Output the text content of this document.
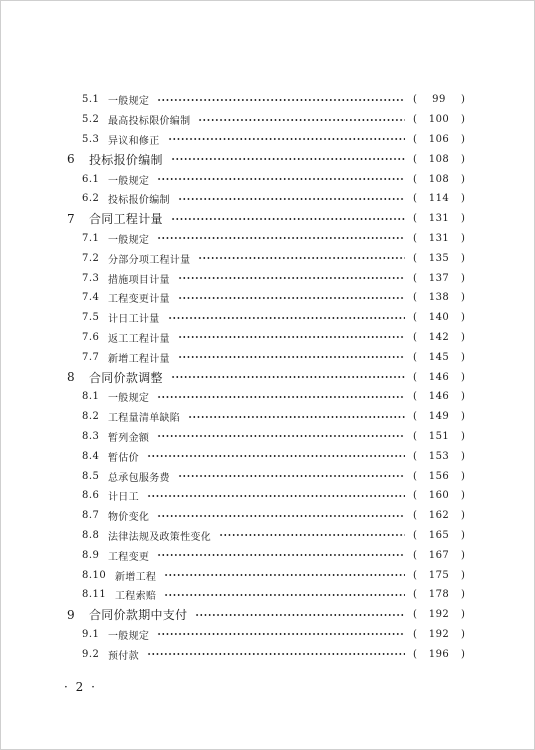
5.1 一般规定	(	99	)
5.2 最高投标限价编制	(	100	)
5.3 异议和修正	(	106	)
6	投标报价编制	(	108	)
6.1 一般规定	(	108	)
6.2 投标报价编制	(	114	)
7	合同工程计量	(	131	)
7.1 一般规定	(	131	)
7.2 分部分项工程计量	(	135	)
7.3 措施项目计量	(	137	)
7.4 工程变更计量	(	138	)
7.5 计日工计量	(	140	)
7.6 返工工程计量	(	142	)
7.7 新增工程计量	(	145	)
8	合同价款调整	(	146	)
8.1 一般规定	(	146	)
8.2 工程量清单缺陷	(	149	)
8.3 暂列金额	(	151	)
8.4 暂估价	(	153	)
8.5 总承包服务费	(	156	)
8.6 计日工	(	160	)
8.7 物价变化	(	162	)
8.8 法律法规及政策性变化	(	165	)
8.9 工程变更	(	167	)
8.10 新增工程	(	175	)
8.11 工程索赔	(	178	)
9	合同价款期中支付	(	192	)
9.1 一般规定	(	192	)
9.2 预付款	(	196	)
· 2 ·
